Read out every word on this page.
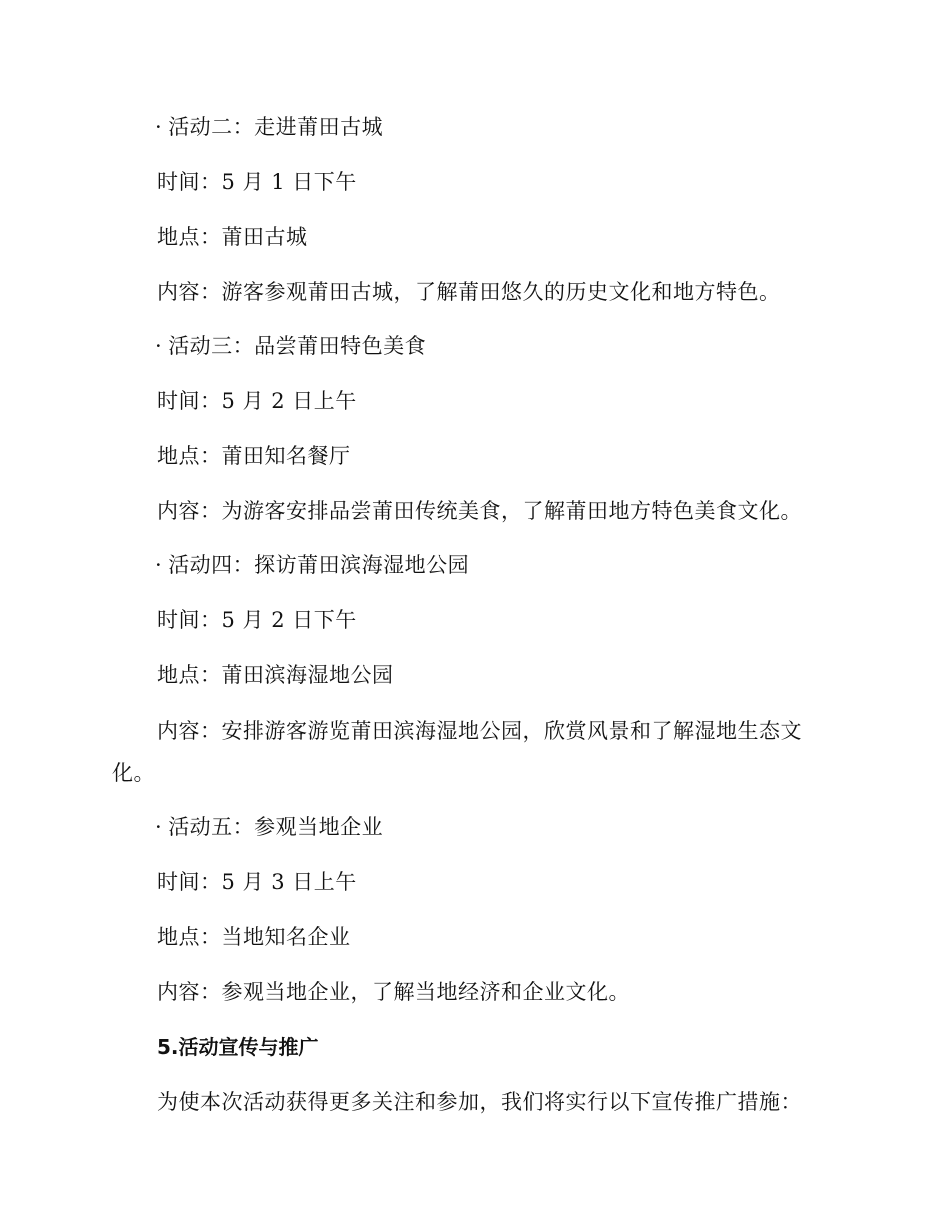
· 活动二：走进莆田古城
时间：5 月 1 日下午
地点：莆田古城
内容：游客参观莆田古城，了解莆田悠久的历史文化和地方特色。
· 活动三：品尝莆田特色美食
时间：5 月 2 日上午
地点：莆田知名餐厅
内容：为游客安排品尝莆田传统美食，了解莆田地方特色美食文化。
· 活动四：探访莆田滨海湿地公园
时间：5 月 2 日下午
地点：莆田滨海湿地公园
内容：安排游客游览莆田滨海湿地公园，欣赏风景和了解湿地生态文化。
· 活动五：参观当地企业
时间：5 月 3 日上午
地点：当地知名企业
内容：参观当地企业，了解当地经济和企业文化。
5.活动宣传与推广
为使本次活动获得更多关注和参加，我们将实行以下宣传推广措施：
